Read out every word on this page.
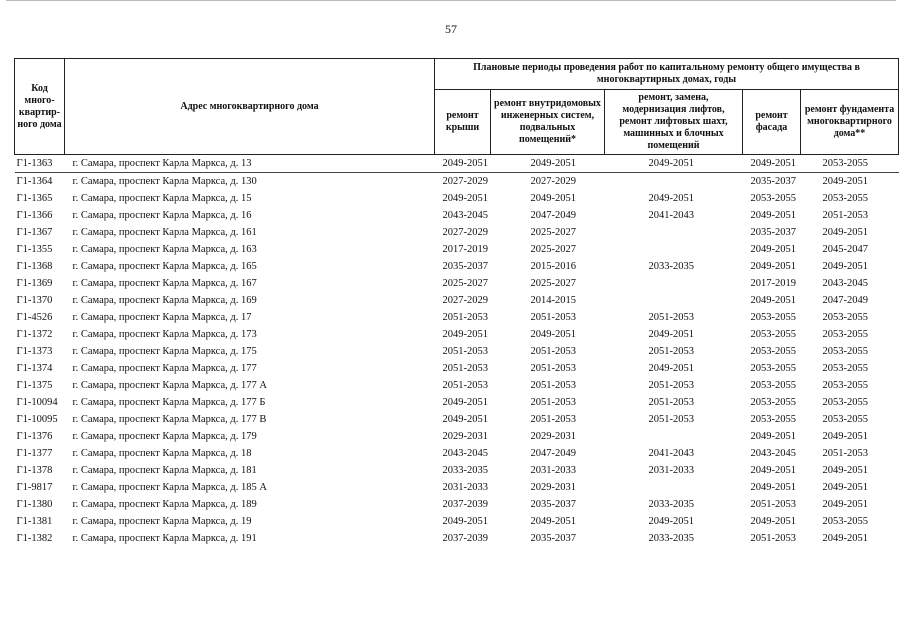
57
Код много-квартир-ного дома	Адрес многоквартирного дома	Плановые периоды проведения работ по капитальному ремонту общего имущества в многоквартирных домах, годы				
		ремонт крыши	ремонт внутридомовых инженерных систем, подвальных помещений*	ремонт, замена, модернизация лифтов, ремонт лифтовых шахт, машинных и блочных помещений	ремонт фасада	ремонт фундамента многоквартирного дома**
Г1-1363	г. Самара, проспект Карла Маркса, д. 13	2049-2051	2049-2051	2049-2051	2049-2051	2053-2055
Г1-1364	г. Самара, проспект Карла Маркса, д. 130	2027-2029	2027-2029		2035-2037	2049-2051
Г1-1365	г. Самара, проспект Карла Маркса, д. 15	2049-2051	2049-2051	2049-2051	2053-2055	2053-2055
Г1-1366	г. Самара, проспект Карла Маркса, д. 16	2043-2045	2047-2049	2041-2043	2049-2051	2051-2053
Г1-1367	г. Самара, проспект Карла Маркса, д. 161	2027-2029	2025-2027		2035-2037	2049-2051
Г1-1355	г. Самара, проспект Карла Маркса, д. 163	2017-2019	2025-2027		2049-2051	2045-2047
Г1-1368	г. Самара, проспект Карла Маркса, д. 165	2035-2037	2015-2016	2033-2035	2049-2051	2049-2051
Г1-1369	г. Самара, проспект Карла Маркса, д. 167	2025-2027	2025-2027		2017-2019	2043-2045
Г1-1370	г. Самара, проспект Карла Маркса, д. 169	2027-2029	2014-2015		2049-2051	2047-2049
Г1-4526	г. Самара, проспект Карла Маркса, д. 17	2051-2053	2051-2053	2051-2053	2053-2055	2053-2055
Г1-1372	г. Самара, проспект Карла Маркса, д. 173	2049-2051	2049-2051	2049-2051	2053-2055	2053-2055
Г1-1373	г. Самара, проспект Карла Маркса, д. 175	2051-2053	2051-2053	2051-2053	2053-2055	2053-2055
Г1-1374	г. Самара, проспект Карла Маркса, д. 177	2051-2053	2051-2053	2049-2051	2053-2055	2053-2055
Г1-1375	г. Самара, проспект Карла Маркса, д. 177 А	2051-2053	2051-2053	2051-2053	2053-2055	2053-2055
Г1-10094	г. Самара, проспект Карла Маркса, д. 177 Б	2049-2051	2051-2053	2051-2053	2053-2055	2053-2055
Г1-10095	г. Самара, проспект Карла Маркса, д. 177 В	2049-2051	2051-2053	2051-2053	2053-2055	2053-2055
Г1-1376	г. Самара, проспект Карла Маркса, д. 179	2029-2031	2029-2031		2049-2051	2049-2051
Г1-1377	г. Самара, проспект Карла Маркса, д. 18	2043-2045	2047-2049	2041-2043	2043-2045	2051-2053
Г1-1378	г. Самара, проспект Карла Маркса, д. 181	2033-2035	2031-2033	2031-2033	2049-2051	2049-2051
Г1-9817	г. Самара, проспект Карла Маркса, д. 185 А	2031-2033	2029-2031		2049-2051	2049-2051
Г1-1380	г. Самара, проспект Карла Маркса, д. 189	2037-2039	2035-2037	2033-2035	2051-2053	2049-2051
Г1-1381	г. Самара, проспект Карла Маркса, д. 19	2049-2051	2049-2051	2049-2051	2049-2051	2053-2055
Г1-1382	г. Самара, проспект Карла Маркса, д. 191	2037-2039	2035-2037	2033-2035	2051-2053	2049-2051
